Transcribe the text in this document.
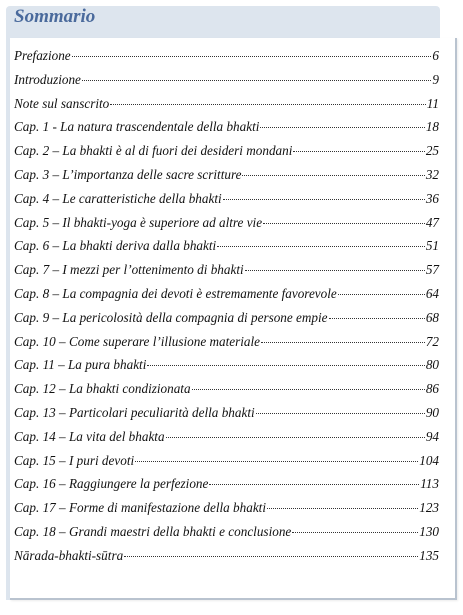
Sommario
Prefazione	6
Introduzione	9
Note sul sanscrito	11
Cap. 1 - La natura trascendentale della bhakti	18
Cap. 2 – La bhakti è al di fuori dei desideri mondani	25
Cap. 3 – L’importanza delle sacre scritture	32
Cap. 4 – Le caratteristiche della bhakti	36
Cap. 5 – Il bhakti-yoga è superiore ad altre vie	47
Cap. 6 – La bhakti deriva dalla bhakti	51
Cap. 7 – I mezzi per l’ottenimento di bhakti	57
Cap. 8 – La compagnia dei devoti è estremamente favorevole	64
Cap. 9 – La pericolosità della compagnia di persone empie	68
Cap. 10 – Come superare l’illusione materiale	72
Cap. 11 – La pura bhakti	80
Cap. 12 – La bhakti condizionata	86
Cap. 13 – Particolari peculiarità della bhakti	90
Cap. 14 – La vita del bhakta	94
Cap. 15 – I puri devoti	104
Cap. 16 – Raggiungere la perfezione	113
Cap. 17 – Forme di manifestazione della bhakti	123
Cap. 18 – Grandi maestri della bhakti e conclusione	130
Nārada-bhakti-sūtra	135
